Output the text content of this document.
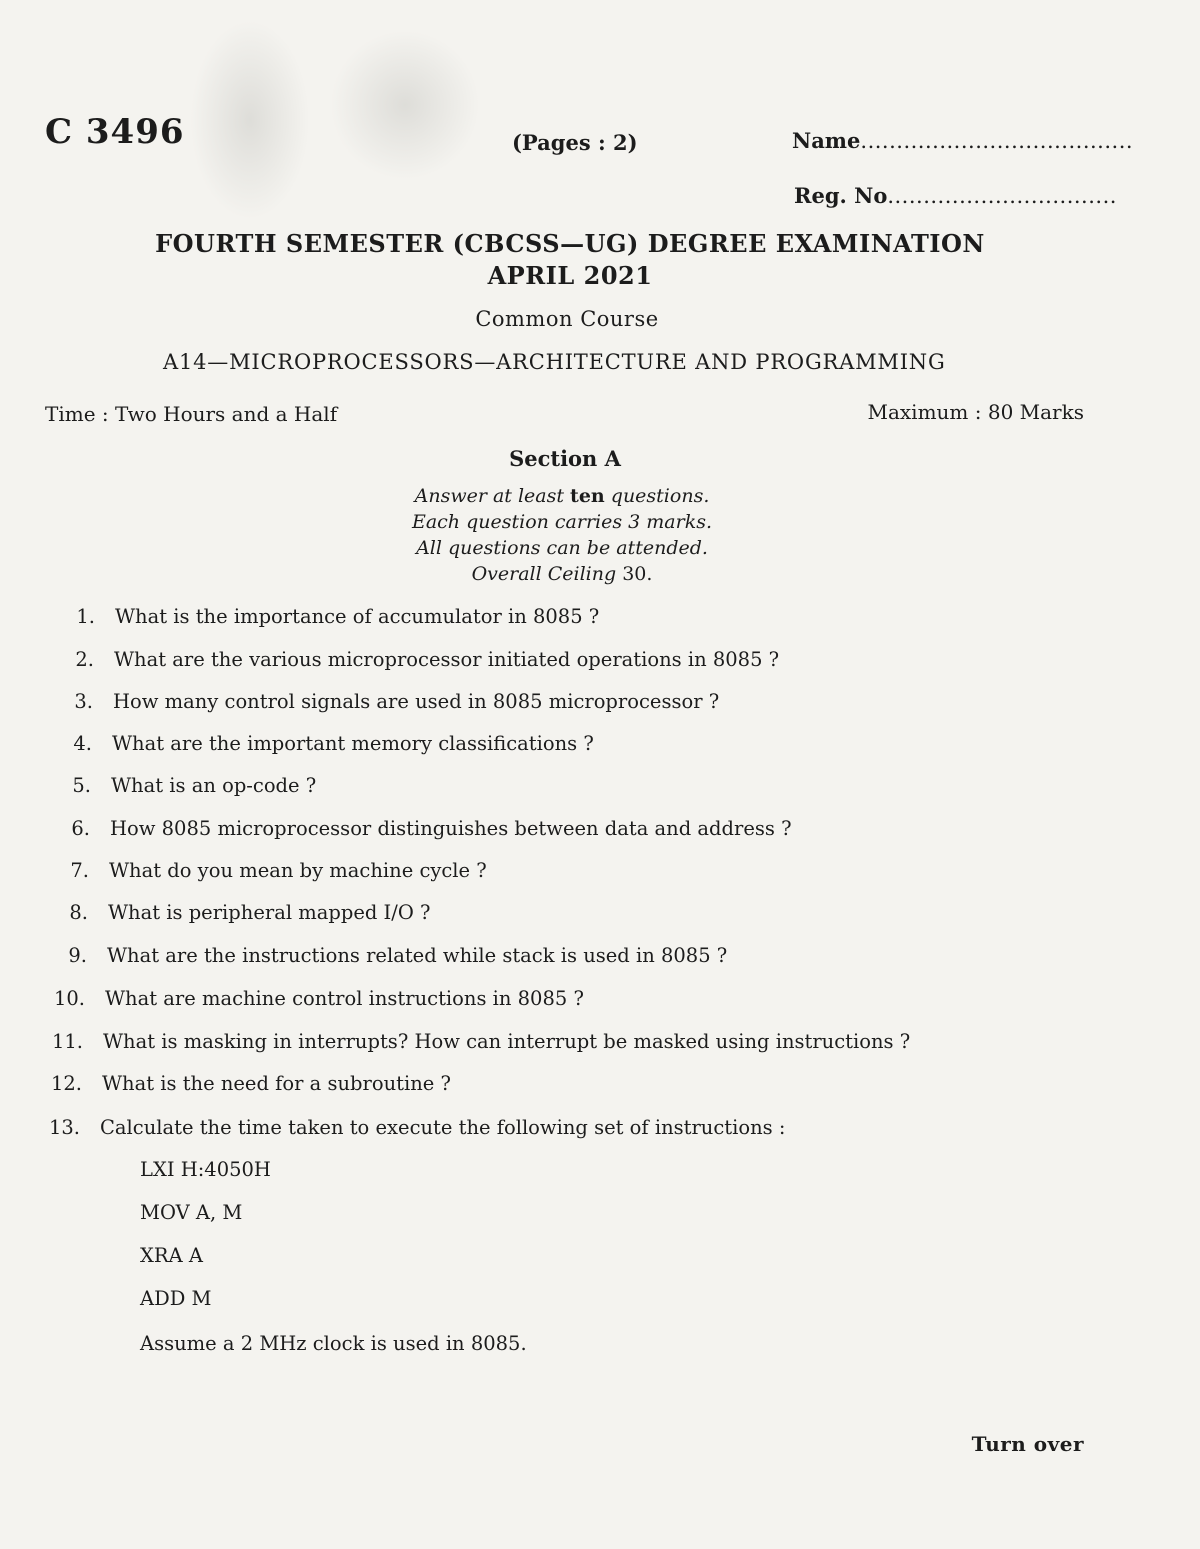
C 3496	(Pages : 2)	Name......................................
Reg. No................................
FOURTH SEMESTER (CBCSS—UG) DEGREE EXAMINATION
APRIL 2021
Common Course
A14—MICROPROCESSORS—ARCHITECTURE AND PROGRAMMING
Time : Two Hours and a Half	Maximum : 80 Marks
Section A
Answer at least ten questions.
Each question carries 3 marks.
All questions can be attended.
Overall Ceiling 30.
1. What is the importance of accumulator in 8085 ?
2. What are the various microprocessor initiated operations in 8085 ?
3. How many control signals are used in 8085 microprocessor ?
4. What are the important memory classifications ?
5. What is an op-code ?
6. How 8085 microprocessor distinguishes between data and address ?
7. What do you mean by machine cycle ?
8. What is peripheral mapped I/O ?
9. What are the instructions related while stack is used in 8085 ?
10. What are machine control instructions in 8085 ?
11. What is masking in interrupts? How can interrupt be masked using instructions ?
12. What is the need for a subroutine ?
13. Calculate the time taken to execute the following set of instructions :
LXI H:4050H
MOV A, M
XRA A
ADD M
Assume a 2 MHz clock is used in 8085.
Turn over
